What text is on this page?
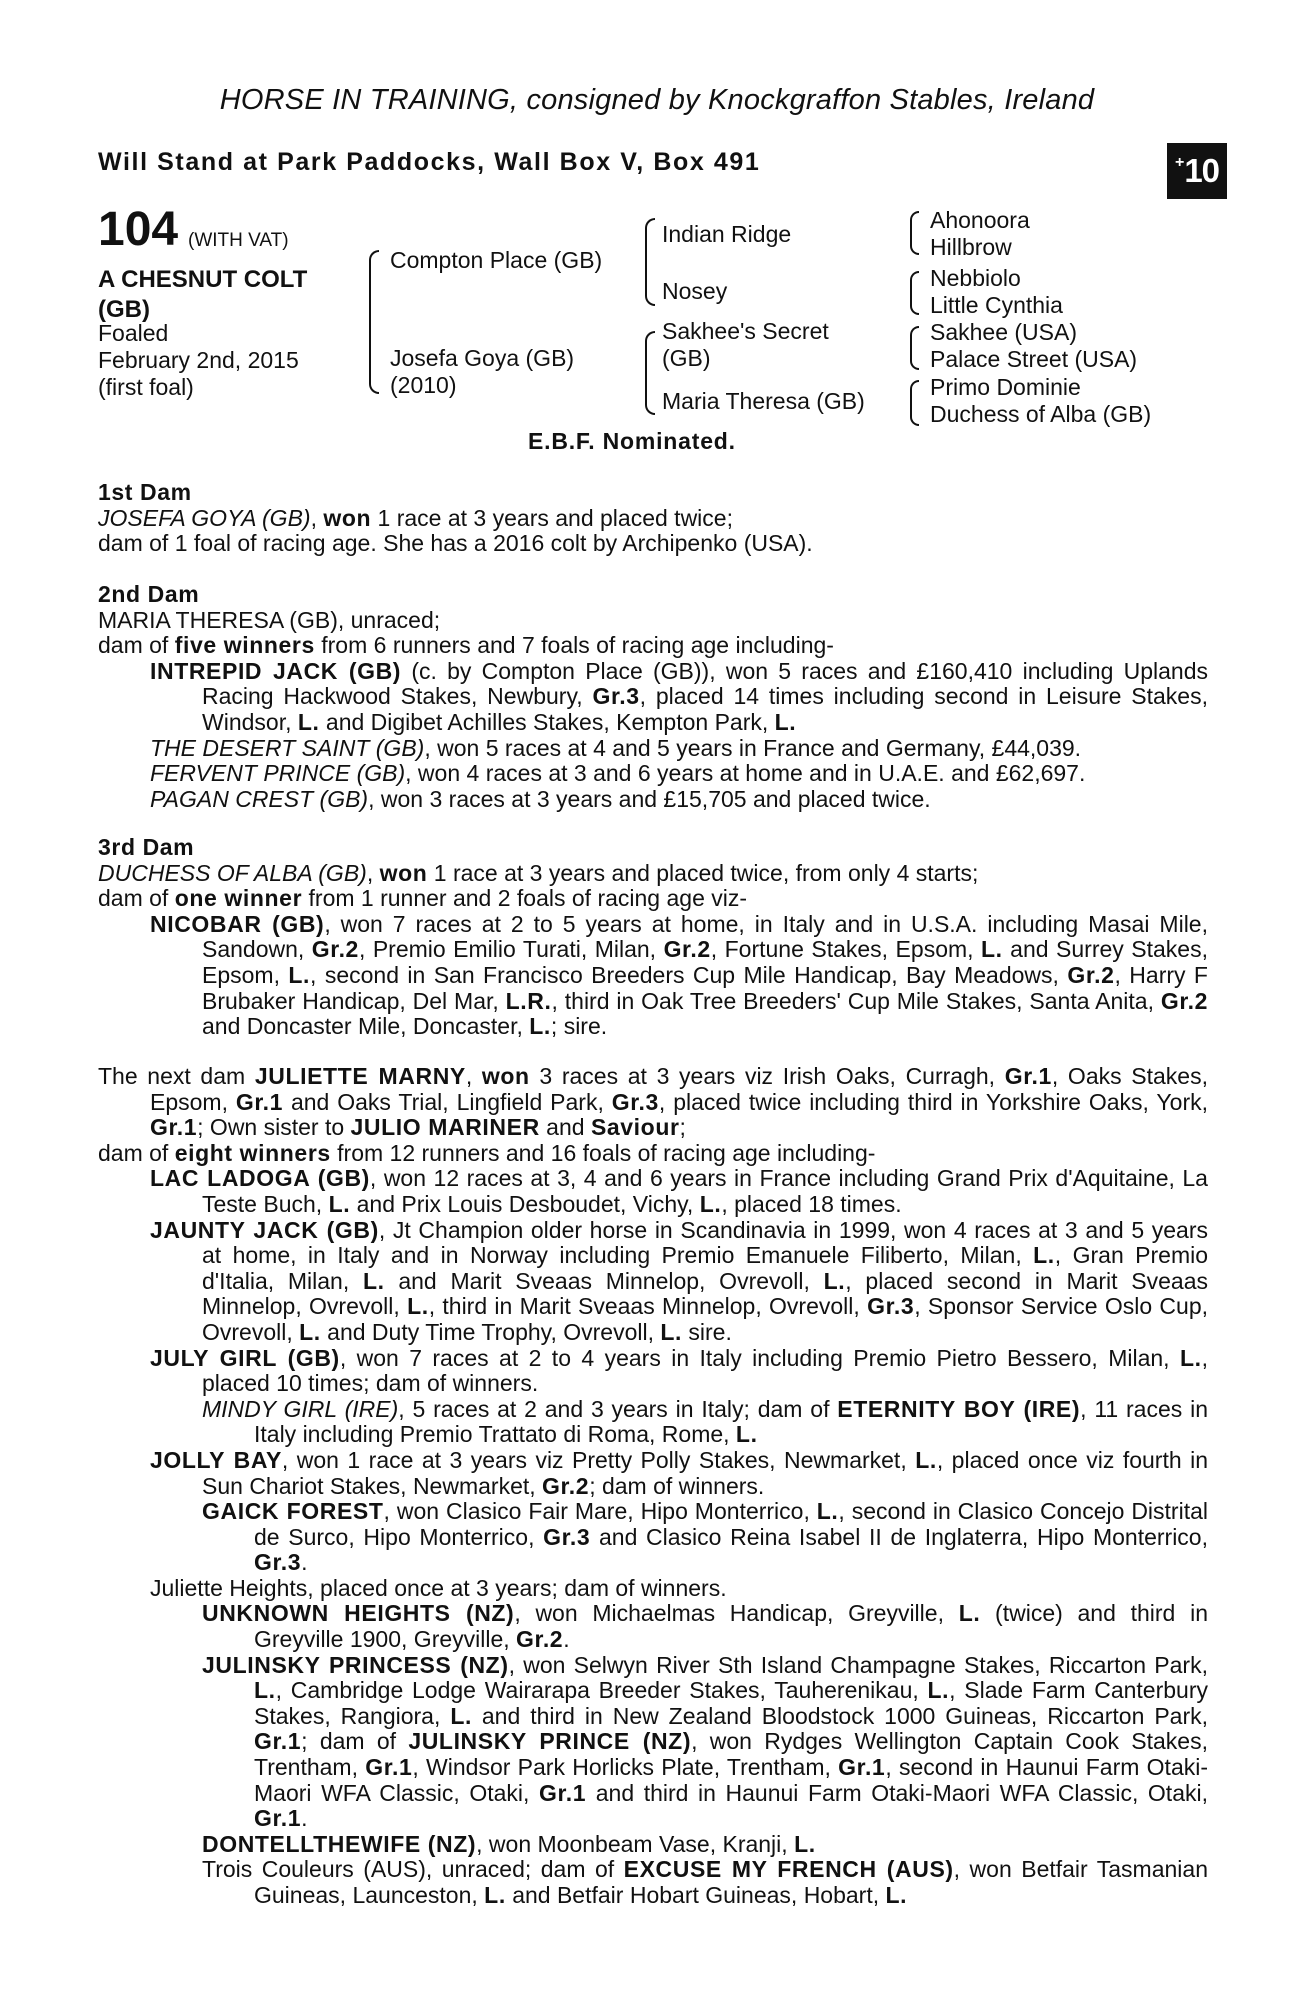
HORSE IN TRAINING, consigned by Knockgraffon Stables, Ireland
Will Stand at Park Paddocks, Wall Box V, Box 491	+ 10
104 (WITH VAT)
A CHESNUT COLT
(GB)
Foaled
February 2nd, 2015
(first foal)
Compton Place (GB)
Josefa Goya (GB)
(2010)
Indian Ridge
Nosey
Sakhee's Secret
(GB)
Maria Theresa (GB)
Ahonoora
Hillbrow
Nebbiolo
Little Cynthia
Sakhee (USA)
Palace Street (USA)
Primo Dominie
Duchess of Alba (GB)
E.B.F. Nominated.
1st Dam

JOSEFA GOYA (GB), won 1 race at 3 years and placed twice;

dam of 1 foal of racing age. She has a 2016 colt by Archipenko (USA).

2nd Dam

MARIA THERESA (GB), unraced;

dam of five winners from 6 runners and 7 foals of racing age including-

INTREPID JACK (GB) (c. by Compton Place (GB)), won 5 races and £160,410 including Uplands Racing Hackwood Stakes, Newbury, Gr.3, placed 14 times including second in Leisure Stakes, Windsor, L. and Digibet Achilles Stakes, Kempton Park, L.

THE DESERT SAINT (GB), won 5 races at 4 and 5 years in France and Germany, £44,039.

FERVENT PRINCE (GB), won 4 races at 3 and 6 years at home and in U.A.E. and £62,697.

PAGAN CREST (GB), won 3 races at 3 years and £15,705 and placed twice.

3rd Dam

DUCHESS OF ALBA (GB), won 1 race at 3 years and placed twice, from only 4 starts;

dam of one winner from 1 runner and 2 foals of racing age viz-

NICOBAR (GB), won 7 races at 2 to 5 years at home, in Italy and in U.S.A. including Masai Mile, Sandown, Gr.2, Premio Emilio Turati, Milan, Gr.2, Fortune Stakes, Epsom, L. and Surrey Stakes, Epsom, L., second in San Francisco Breeders Cup Mile Handicap, Bay Meadows, Gr.2, Harry F Brubaker Handicap, Del Mar, L.R., third in Oak Tree Breeders' Cup Mile Stakes, Santa Anita, Gr.2 and Doncaster Mile, Doncaster, L.; sire.

The next dam JULIETTE MARNY, won 3 races at 3 years viz Irish Oaks, Curragh, Gr.1, Oaks Stakes, Epsom, Gr.1 and Oaks Trial, Lingfield Park, Gr.3, placed twice including third in Yorkshire Oaks, York, Gr.1; Own sister to JULIO MARINER and Saviour;

dam of eight winners from 12 runners and 16 foals of racing age including-

LAC LADOGA (GB), won 12 races at 3, 4 and 6 years in France including Grand Prix d'Aquitaine, La Teste Buch, L. and Prix Louis Desboudet, Vichy, L., placed 18 times.

JAUNTY JACK (GB), Jt Champion older horse in Scandinavia in 1999, won 4 races at 3 and 5 years at home, in Italy and in Norway including Premio Emanuele Filiberto, Milan, L., Gran Premio d'Italia, Milan, L. and Marit Sveaas Minnelop, Ovrevoll, L., placed second in Marit Sveaas Minnelop, Ovrevoll, L., third in Marit Sveaas Minnelop, Ovrevoll, Gr.3, Sponsor Service Oslo Cup, Ovrevoll, L. and Duty Time Trophy, Ovrevoll, L. sire.

JULY GIRL (GB), won 7 races at 2 to 4 years in Italy including Premio Pietro Bessero, Milan, L., placed 10 times; dam of winners.

MINDY GIRL (IRE), 5 races at 2 and 3 years in Italy; dam of ETERNITY BOY (IRE), 11 races in Italy including Premio Trattato di Roma, Rome, L.

JOLLY BAY, won 1 race at 3 years viz Pretty Polly Stakes, Newmarket, L., placed once viz fourth in Sun Chariot Stakes, Newmarket, Gr.2; dam of winners.

GAICK FOREST, won Clasico Fair Mare, Hipo Monterrico, L., second in Clasico Concejo Distrital de Surco, Hipo Monterrico, Gr.3 and Clasico Reina Isabel II de Inglaterra, Hipo Monterrico, Gr.3.

Juliette Heights, placed once at 3 years; dam of winners.

UNKNOWN HEIGHTS (NZ), won Michaelmas Handicap, Greyville, L. (twice) and third in Greyville 1900, Greyville, Gr.2.

JULINSKY PRINCESS (NZ), won Selwyn River Sth Island Champagne Stakes, Riccarton Park, L., Cambridge Lodge Wairarapa Breeder Stakes, Tauherenikau, L., Slade Farm Canterbury Stakes, Rangiora, L. and third in New Zealand Bloodstock 1000 Guineas, Riccarton Park, Gr.1; dam of JULINSKY PRINCE (NZ), won Rydges Wellington Captain Cook Stakes, Trentham, Gr.1, Windsor Park Horlicks Plate, Trentham, Gr.1, second in Haunui Farm Otaki-Maori WFA Classic, Otaki, Gr.1 and third in Haunui Farm Otaki-Maori WFA Classic, Otaki, Gr.1.

DONTELLTHEWIFE (NZ), won Moonbeam Vase, Kranji, L.

Trois Couleurs (AUS), unraced; dam of EXCUSE MY FRENCH (AUS), won Betfair Tasmanian Guineas, Launceston, L. and Betfair Hobart Guineas, Hobart, L.
